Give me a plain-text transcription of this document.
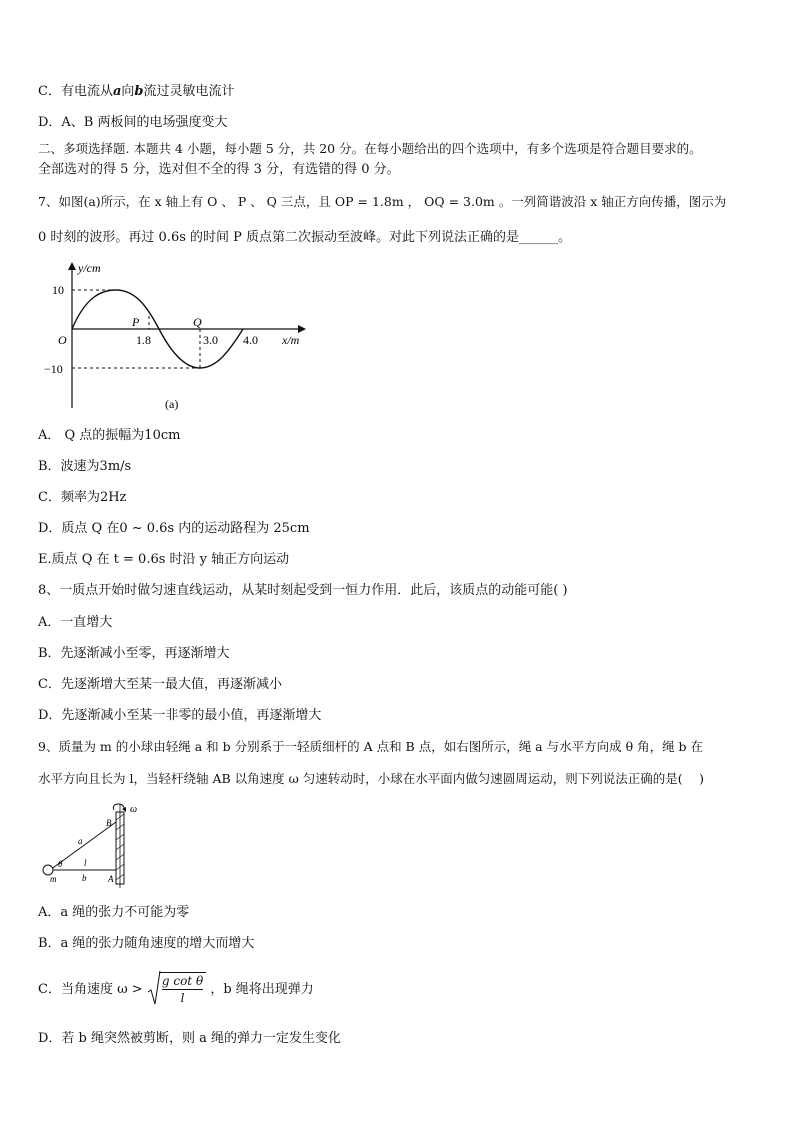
C．有电流从a向b流过灵敏电流计
D．A、B 两板间的电场强度变大
二、多项选择题. 本题共 4 小题，每小题 5 分，共 20 分。在每小题给出的四个选项中，有多个选项是符合题目要求的。
全部选对的得 5 分，选对但不全的得 3 分，有选错的得 0 分。
7、如图(a)所示，在 x 轴上有 O 、 P 、 Q 三点，且 OP = 1.8m ， OQ = 3.0m 。一列简谐波沿 x 轴正方向传播，图示为
0 时刻的波形。再过 0.6s 的时间 P 质点第二次振动至波峰。对此下列说法正确的是______。
y/cm
10
−10
O
P	Q
1.8	3.0 4.0 x/m
(a)
A． Q 点的振幅为10cm
B．波速为3m/s
C．频率为2Hz
D．质点 Q 在0 ~ 0.6s 内的运动路程为 25cm
E.质点 Q 在 t = 0.6s 时沿 y 轴正方向运动
8、一质点开始时做匀速直线运动，从某时刻起受到一恒力作用．此后，该质点的动能可能( )
A．一直增大
B．先逐渐减小至零，再逐渐增大
C．先逐渐增大至某一最大值，再逐渐减小
D．先逐渐减小至某一非零的最小值，再逐渐增大
9、质量为 m 的小球由轻绳 a 和 b 分别系于一轻质细杆的 A 点和 B 点，如右图所示，绳 a 与水平方向成 θ 角，绳 b 在
水平方向且长为 l，当轻杆绕轴 AB 以角速度 ω 匀速转动时，小球在水平面内做匀速圆周运动，则下列说法正确的是(　 )
ω
B
A
a
θ l
b
m
A．a 绳的张力不可能为零
B．a 绳的张力随角速度的增大而增大
C．当角速度 $\omega > \frac{\text{g cot θ}}{l}$ ，b 绳将出现弹力
D．若 b 绳突然被剪断，则 a 绳的弹力一定发生变化
